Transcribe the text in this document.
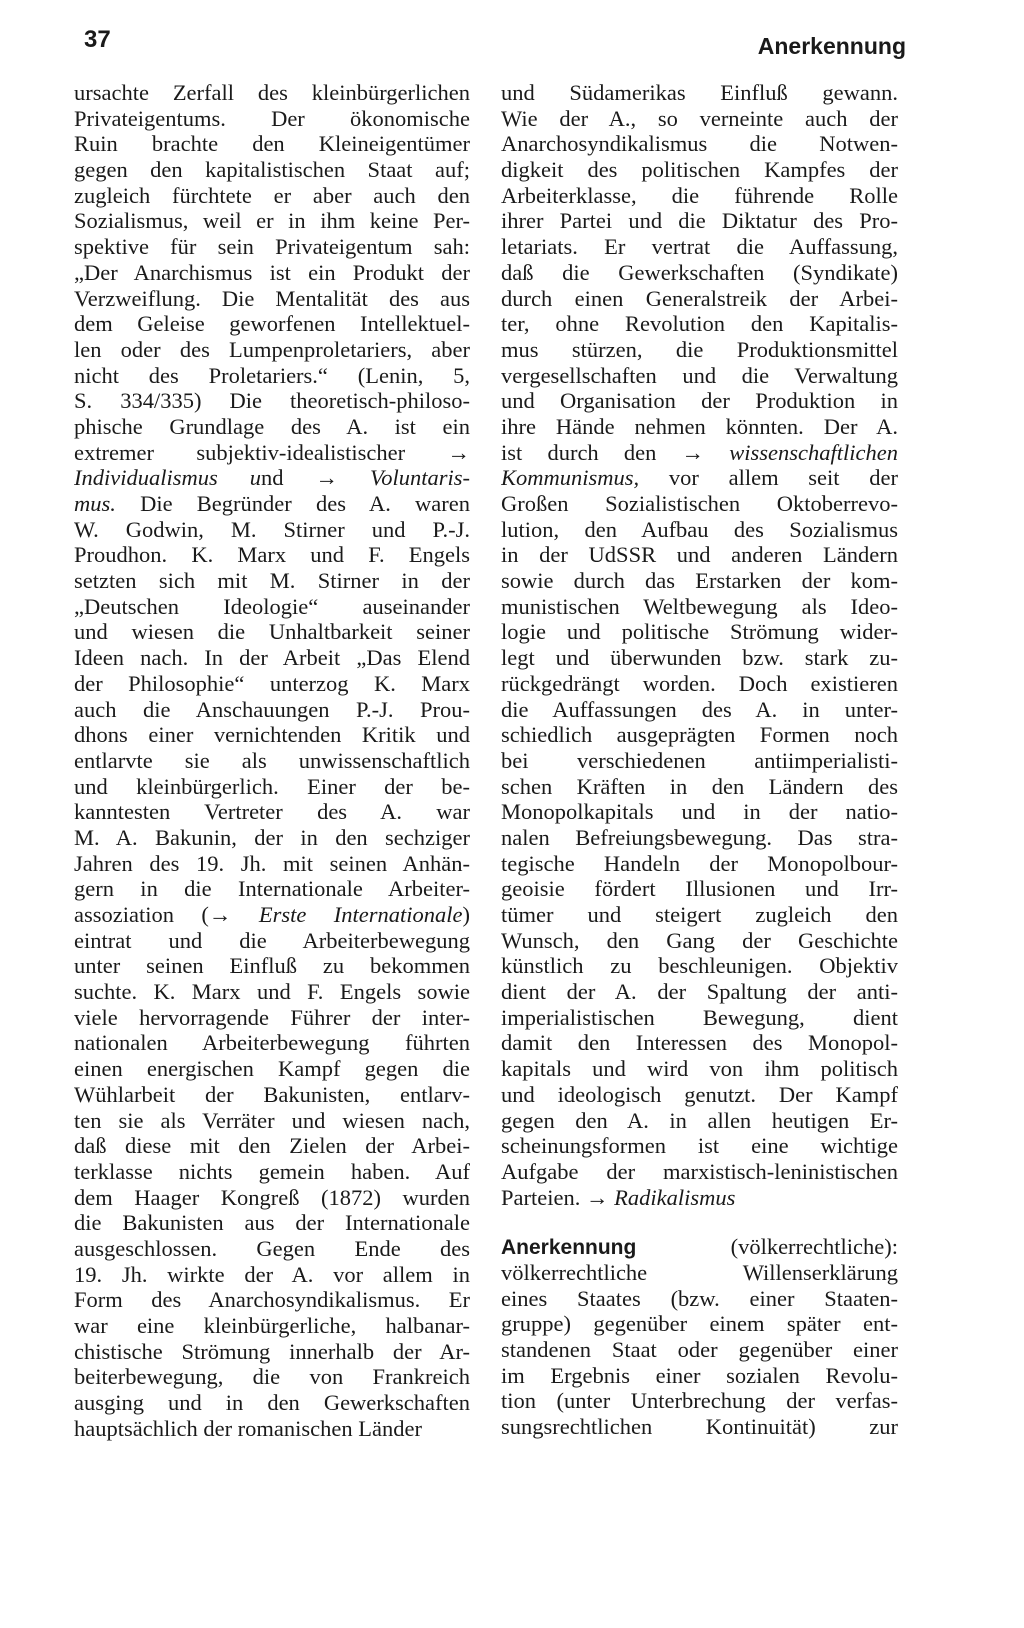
37	Anerkennung
ursachte Zerfall des kleinbürgerlichen
Privateigentums. Der ökonomische
Ruin brachte den Kleineigentümer
gegen den kapitalistischen Staat auf;
zugleich fürchtete er aber auch den
Sozialismus, weil er in ihm keine Per-
spektive für sein Privateigentum sah:
„Der Anarchismus ist ein Produkt der
Verzweiflung. Die Mentalität des aus
dem Geleise geworfenen Intellektuel-
len oder des Lumpenproletariers, aber
nicht des Proletariers.“ (Lenin, 5,
S. 334/335) Die theoretisch-philoso-
phische Grundlage des A. ist ein
extremer subjektiv-idealistischer →
Individualismus und → Voluntaris-
mus. Die Begründer des A. waren
W. Godwin, M. Stirner und P.-J.
Proudhon. K. Marx und F. Engels
setzten sich mit M. Stirner in der
„Deutschen Ideologie“ auseinander
und wiesen die Unhaltbarkeit seiner
Ideen nach. In der Arbeit „Das Elend
der Philosophie“ unterzog K. Marx
auch die Anschauungen P.-J. Prou-
dhons einer vernichtenden Kritik und
entlarvte sie als unwissenschaftlich
und kleinbürgerlich. Einer der be-
kanntesten Vertreter des A. war
M. A. Bakunin, der in den sechziger
Jahren des 19. Jh. mit seinen Anhän-
gern in die Internationale Arbeiter-
assoziation (→ Erste Internationale)
eintrat und die Arbeiterbewegung
unter seinen Einfluß zu bekommen
suchte. K. Marx und F. Engels sowie
viele hervorragende Führer der inter-
nationalen Arbeiterbewegung führten
einen energischen Kampf gegen die
Wühlarbeit der Bakunisten, entlarv-
ten sie als Verräter und wiesen nach,
daß diese mit den Zielen der Arbei-
terklasse nichts gemein haben. Auf
dem Haager Kongreß (1872) wurden
die Bakunisten aus der Internationale
ausgeschlossen. Gegen Ende des
19. Jh. wirkte der A. vor allem in
Form des Anarchosyndikalismus. Er
war eine kleinbürgerliche, halbanar-
chistische Strömung innerhalb der Ar-
beiterbewegung, die von Frankreich
ausging und in den Gewerkschaften
hauptsächlich der romanischen Länder
und Südamerikas Einfluß gewann.
Wie der A., so verneinte auch der
Anarchosyndikalismus die Notwen-
digkeit des politischen Kampfes der
Arbeiterklasse, die führende Rolle
ihrer Partei und die Diktatur des Pro-
letariats. Er vertrat die Auffassung,
daß die Gewerkschaften (Syndikate)
durch einen Generalstreik der Arbei-
ter, ohne Revolution den Kapitalis-
mus stürzen, die Produktionsmittel
vergesellschaften und die Verwaltung
und Organisation der Produktion in
ihre Hände nehmen könnten. Der A.
ist durch den → wissenschaftlichen
Kommunismus, vor allem seit der
Großen Sozialistischen Oktoberrevo-
lution, den Aufbau des Sozialismus
in der UdSSR und anderen Ländern
sowie durch das Erstarken der kom-
munistischen Weltbewegung als Ideo-
logie und politische Strömung wider-
legt und überwunden bzw. stark zu-
rückgedrängt worden. Doch existieren
die Auffassungen des A. in unter-
schiedlich ausgeprägten Formen noch
bei verschiedenen antiimperialisti-
schen Kräften in den Ländern des
Monopolkapitals und in der natio-
nalen Befreiungsbewegung. Das stra-
tegische Handeln der Monopolbour-
geoisie fördert Illusionen und Irr-
tümer und steigert zugleich den
Wunsch, den Gang der Geschichte
künstlich zu beschleunigen. Objektiv
dient der A. der Spaltung der anti-
imperialistischen Bewegung, dient
damit den Interessen des Monopol-
kapitals und wird von ihm politisch
und ideologisch genutzt. Der Kampf
gegen den A. in allen heutigen Er-
scheinungsformen ist eine wichtige
Aufgabe der marxistisch-leninistischen
Parteien. → Radikalismus
Anerkennung	(völkerrechtliche):
völkerrechtliche Willenserklärung
eines Staates (bzw. einer Staaten-
gruppe) gegenüber einem später ent-
standenen Staat oder gegenüber einer
im Ergebnis einer sozialen Revolu-
tion (unter Unterbrechung der verfas-
sungsrechtlichen Kontinuität) zur
